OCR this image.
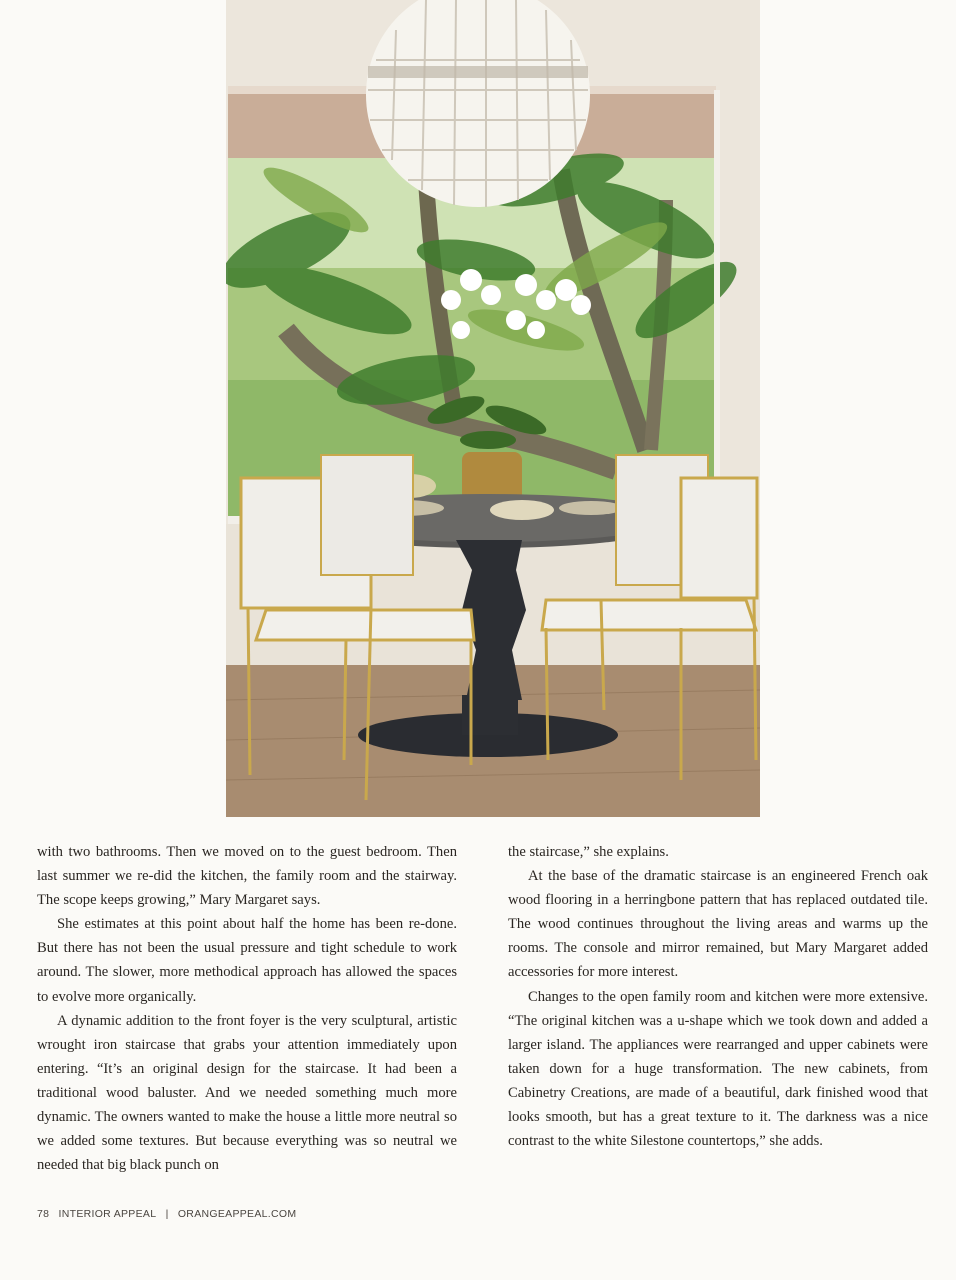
with two bathrooms. Then we moved on to the guest bedroom. Then last summer we re-did the kitchen, the family room and the stairway. The scope keeps growing,” Mary Margaret says.

She estimates at this point about half the home has been re-done. But there has not been the usual pressure and tight schedule to work around. The slower, more methodical approach has allowed the spaces to evolve more organically.

A dynamic addition to the front foyer is the very sculptural, artistic wrought iron staircase that grabs your attention immediately upon entering. “It’s an original design for the staircase. It had been a traditional wood baluster. And we needed something much more dynamic. The owners wanted to make the house a little more neutral so we added some textures. But because everything was so neutral we needed that big black punch on

the staircase,” she explains.

At the base of the dramatic staircase is an engineered French oak wood flooring in a herringbone pattern that has replaced outdated tile. The wood continues throughout the living areas and warms up the rooms. The console and mirror remained, but Mary Margaret added accessories for more interest.

Changes to the open family room and kitchen were more extensive. “The original kitchen was a u-shape which we took down and added a larger island. The appliances were rearranged and upper cabinets were taken down for a huge transformation. The new cabinets, from Cabinetry Creations, are made of a beautiful, dark finished wood that looks smooth, but has a great texture to it. The darkness was a nice contrast to the white Silestone countertops,” she adds.

78 INTERIOR APPEAL | ORANGEAPPEAL.COM
